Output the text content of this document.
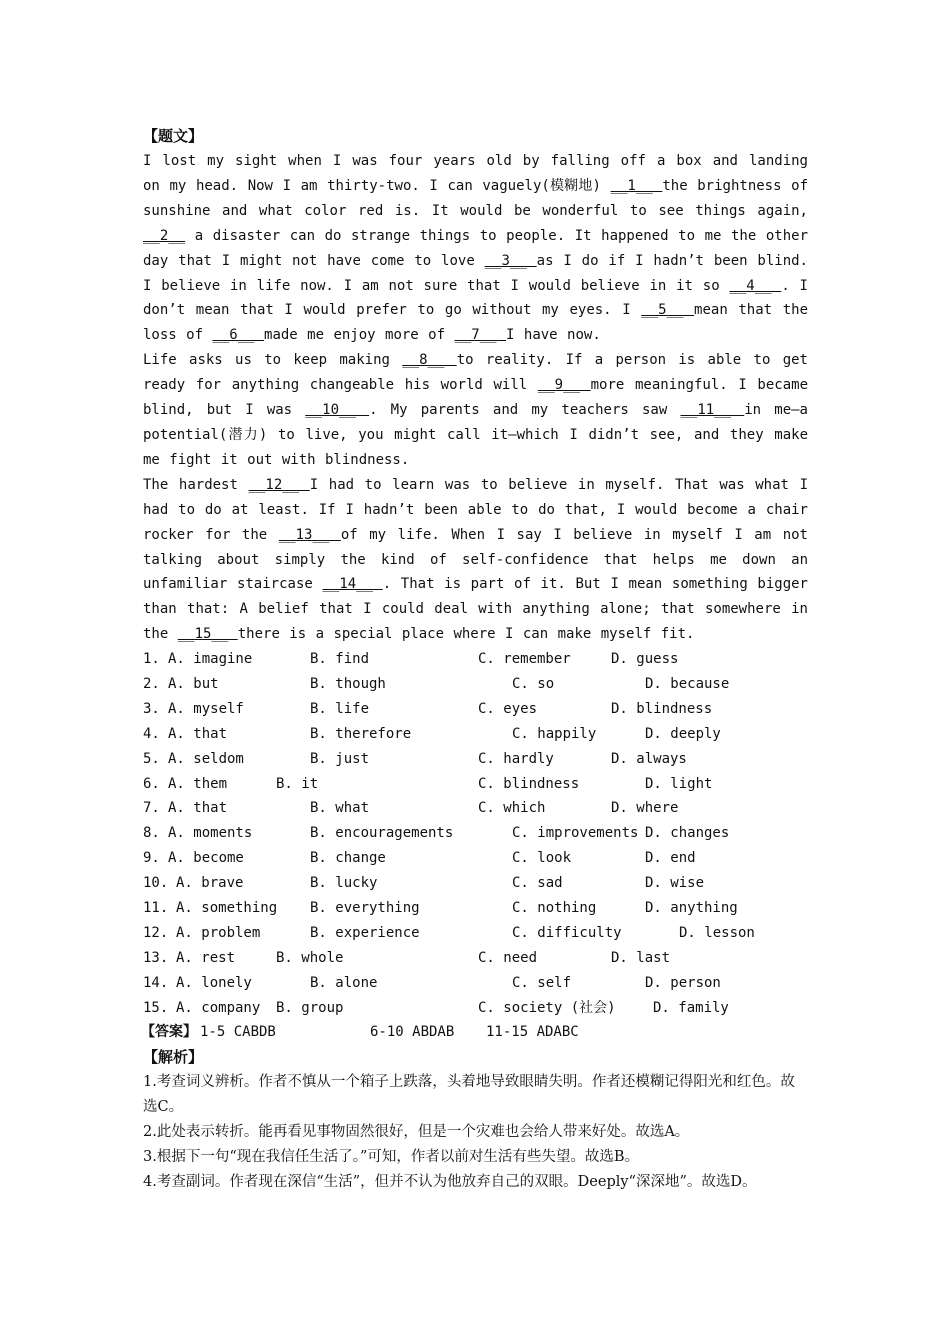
【题文】
I lost my sight when I was four years old by falling off a box and landing on my head. Now I am thirty-two. I can vaguely(模糊地) __1__ the brightness of sunshine and what color red is. It would be wonderful to see things again, __2__ a disaster can do strange things to people. It happened to me the other day that I might not have come to love __3__ as I do if I hadn’t been blind. I believe in life now. I am not sure that I would believe in it so __4__ . I don’t mean that I would prefer to go without my eyes. I __5__ mean that the loss of __6__ made me enjoy more of __7__ I have now.
Life asks us to keep making __8__ to reality. If a person is able to get ready for anything changeable his world will __9__ more meaningful. I became blind, but I was __10__ . My parents and my teachers saw __11__ in me—a potential(潜力) to live, you might call it—which I didn’t see, and they make me fight it out with blindness.
The hardest __12__ I had to learn was to believe in myself. That was what I had to do at least. If I hadn’t been able to do that, I would become a chair rocker for the __13__ of my life. When I say I believe in myself I am not talking about simply the kind of self-confidence that helps me down an unfamiliar staircase __14__ . That is part of it. But I mean something bigger than that: A belief that I could deal with anything alone; that somewhere in the __15__ there is a special place where I can make myself fit.
1. A. imagine	B. find	C. remember	D. guess
2. A. but	B. though	C. so	D. because
3. A. myself	B. life	C. eyes	D. blindness
4. A. that	B. therefore	C. happily	D. deeply
5. A. seldom	B. just	C. hardly	D. always
6. A. them	B. it	C. blindness	D. light
7. A. that	B. what	C. which	D. where
8. A. moments	B. encouragements	C. improvements D. changes
9. A. become	B. change	C. look	D. end
10. A. brave	B. lucky	C. sad	D. wise
11. A. something B. everything	C. nothing	D. anything
12. A. problem	B. experience	C. difficulty	D. lesson
13. A. rest	B. whole	C. need	D. last
14. A. lonely	B. alone	C. self	D. person
15. A. company B. group	C. society (社会)	D. family

【答案】

1-5 CABDB

	6-10 ABDAB

11-15 ADABC

【解析】
1.考查词义辨析。作者不慎从一个箱子上跌落，头着地导致眼睛失明。作者还模糊记得阳光和红色。故选C。
2.此处表示转折。能再看见事物固然很好，但是一个灾难也会给人带来好处。故选A。
3.根据下一句“现在我信任生活了。”可知，作者以前对生活有些失望。故选B。
4.考查副词。作者现在深信“生活”，但并不认为他放弃自己的双眼。Deeply“深深地”。故选D。
